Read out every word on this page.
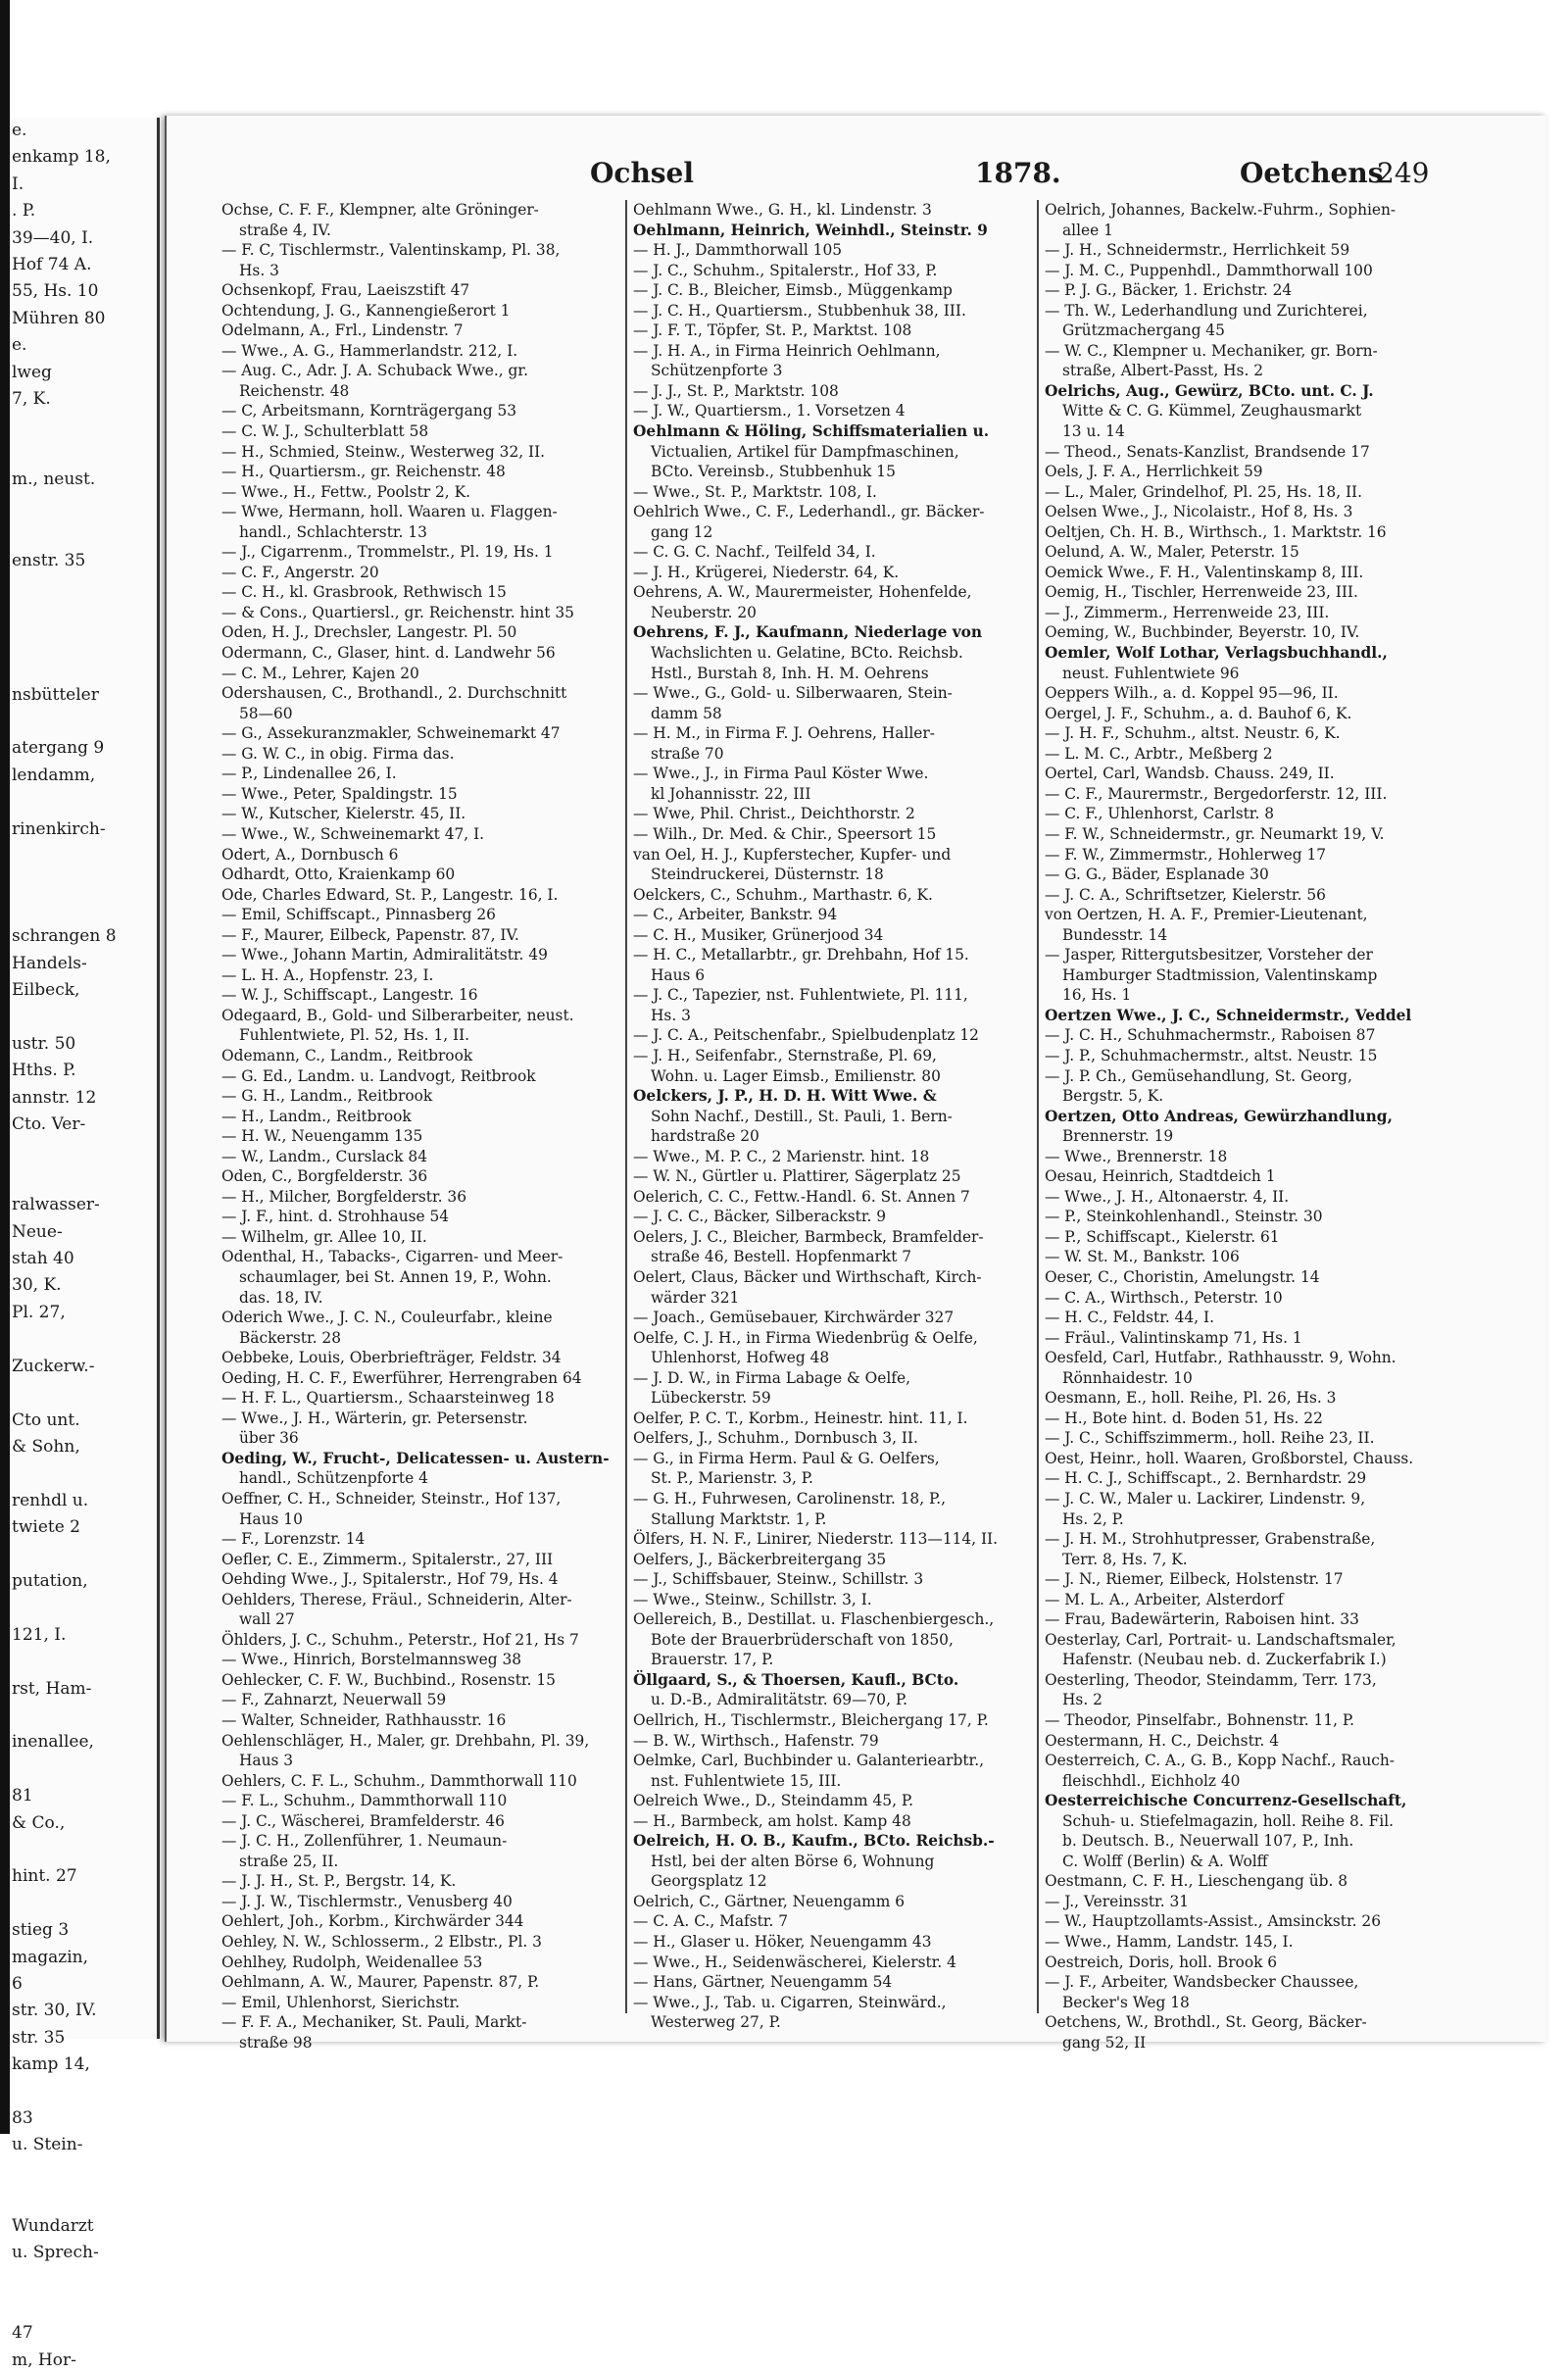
e.
enkamp 18,
I.
. P.
39—40, I.
Hof 74 A.
55, Hs. 10
Mühren 80
e.
lweg
7, K.

m., neust.

enstr. 35

nsbütteler

atergang 9
lendamm,

rinenkirch-

schrangen 8
Handels-
Eilbeck,

ustr. 50
Hths. P.
annstr. 12
Cto. Ver-

ralwasser-
Neue-
stah 40
30, K.
Pl. 27,

Zuckerw.-

Cto unt.
& Sohn,

renhdl u.
twiete 2

putation,

121, I.

rst, Ham-

inenallee,

81
& Co.,

hint. 27

stieg 3
magazin,
6
str. 30, IV.
str. 35
kamp 14,

83
u. Stein-

Wundarzt
u. Sprech-

47
m, Hor-
Ochsel	1878.	Oetchens
249
Ochse, C. F. F., Klempner, alte Gröninger-
straße 4, IV.
— F. C, Tischlermstr., Valentinskamp, Pl. 38,
Hs. 3
Ochsenkopf, Frau, Laeiszstift 47
Ochtendung, J. G., Kannengießerort 1
Odelmann, A., Frl., Lindenstr. 7
— Wwe., A. G., Hammerlandstr. 212, I.
— Aug. C., Adr. J. A. Schuback Wwe., gr.
Reichenstr. 48
— C, Arbeitsmann, Kornträgergang 53
— C. W. J., Schulterblatt 58
— H., Schmied, Steinw., Westerweg 32, II.
— H., Quartiersm., gr. Reichenstr. 48
— Wwe., H., Fettw., Poolstr 2, K.
— Wwe, Hermann, holl. Waaren u. Flaggen-
handl., Schlachterstr. 13
— J., Cigarrenm., Trommelstr., Pl. 19, Hs. 1
— C. F., Angerstr. 20
— C. H., kl. Grasbrook, Rethwisch 15
— & Cons., Quartiersl., gr. Reichenstr. hint 35
Oden, H. J., Drechsler, Langestr. Pl. 50
Odermann, C., Glaser, hint. d. Landwehr 56
— C. M., Lehrer, Kajen 20
Odershausen, C., Brothandl., 2. Durchschnitt
58—60
— G., Assekuranzmakler, Schweinemarkt 47
— G. W. C., in obig. Firma das.
— P., Lindenallee 26, I.
— Wwe., Peter, Spaldingstr. 15
— W., Kutscher, Kielerstr. 45, II.
— Wwe., W., Schweinemarkt 47, I.
Odert, A., Dornbusch 6
Odhardt, Otto, Kraienkamp 60
Ode, Charles Edward, St. P., Langestr. 16, I.
— Emil, Schiffscapt., Pinnasberg 26
— F., Maurer, Eilbeck, Papenstr. 87, IV.
— Wwe., Johann Martin, Admiralitätstr. 49
— L. H. A., Hopfenstr. 23, I.
— W. J., Schiffscapt., Langestr. 16
Odegaard, B., Gold- und Silberarbeiter, neust.
Fuhlentwiete, Pl. 52, Hs. 1, II.
Odemann, C., Landm., Reitbrook
— G. Ed., Landm. u. Landvogt, Reitbrook
— G. H., Landm., Reitbrook
— H., Landm., Reitbrook
— H. W., Neuengamm 135
— W., Landm., Curslack 84
Oden, C., Borgfelderstr. 36
— H., Milcher, Borgfelderstr. 36
— J. F., hint. d. Strohhause 54
— Wilhelm, gr. Allee 10, II.
Odenthal, H., Tabacks-, Cigarren- und Meer-
schaumlager, bei St. Annen 19, P., Wohn.
das. 18, IV.
Oderich Wwe., J. C. N., Couleurfabr., kleine
Bäckerstr. 28
Oebbeke, Louis, Oberbriefträger, Feldstr. 34
Oeding, H. C. F., Ewerführer, Herrengraben 64
— H. F. L., Quartiersm., Schaarsteinweg 18
— Wwe., J. H., Wärterin, gr. Petersenstr.
über 36
Oeding, W., Frucht-, Delicatessen- u. Austern-
handl., Schützenpforte 4
Oeffner, C. H., Schneider, Steinstr., Hof 137,
Haus 10
— F., Lorenzstr. 14
Oefler, C. E., Zimmerm., Spitalerstr., 27, III
Oehding Wwe., J., Spitalerstr., Hof 79, Hs. 4
Oehlders, Therese, Fräul., Schneiderin, Alter-
wall 27
Öhlders, J. C., Schuhm., Peterstr., Hof 21, Hs 7
— Wwe., Hinrich, Borstelmannsweg 38
Oehlecker, C. F. W., Buchbind., Rosenstr. 15
— F., Zahnarzt, Neuerwall 59
— Walter, Schneider, Rathhausstr. 16
Oehlenschläger, H., Maler, gr. Drehbahn, Pl. 39,
Haus 3
Oehlers, C. F. L., Schuhm., Dammthorwall 110
— F. L., Schuhm., Dammthorwall 110
— J. C., Wäscherei, Bramfelderstr. 46
— J. C. H., Zollenführer, 1. Neumaun-
straße 25, II.
— J. J. H., St. P., Bergstr. 14, K.
— J. J. W., Tischlermstr., Venusberg 40
Oehlert, Joh., Korbm., Kirchwärder 344
Oehley, N. W., Schlosserm., 2 Elbstr., Pl. 3
Oehlhey, Rudolph, Weidenallee 53
Oehlmann, A. W., Maurer, Papenstr. 87, P.
— Emil, Uhlenhorst, Sierichstr.
— F. F. A., Mechaniker, St. Pauli, Markt-
straße 98
Oehlmann Wwe., G. H., kl. Lindenstr. 3
Oehlmann, Heinrich, Weinhdl., Steinstr. 9
— H. J., Dammthorwall 105
— J. C., Schuhm., Spitalerstr., Hof 33, P.
— J. C. B., Bleicher, Eimsb., Müggenkamp
— J. C. H., Quartiersm., Stubbenhuk 38, III.
— J. F. T., Töpfer, St. P., Marktst. 108
— J. H. A., in Firma Heinrich Oehlmann,
Schützenpforte 3
— J. J., St. P., Marktstr. 108
— J. W., Quartiersm., 1. Vorsetzen 4
Oehlmann & Höling, Schiffsmaterialien u.
Victualien, Artikel für Dampfmaschinen,
BCto. Vereinsb., Stubbenhuk 15
— Wwe., St. P., Marktstr. 108, I.
Oehlrich Wwe., C. F., Lederhandl., gr. Bäcker-
gang 12
— C. G. C. Nachf., Teilfeld 34, I.
— J. H., Krügerei, Niederstr. 64, K.
Oehrens, A. W., Maurermeister, Hohenfelde,
Neuberstr. 20
Oehrens, F. J., Kaufmann, Niederlage von
Wachslichten u. Gelatine, BCto. Reichsb.
Hstl., Burstah 8, Inh. H. M. Oehrens
— Wwe., G., Gold- u. Silberwaaren, Stein-
damm 58
— H. M., in Firma F. J. Oehrens, Haller-
straße 70
— Wwe., J., in Firma Paul Köster Wwe.
kl Johannisstr. 22, III
— Wwe, Phil. Christ., Deichthorstr. 2
— Wilh., Dr. Med. & Chir., Speersort 15
van Oel, H. J., Kupferstecher, Kupfer- und
Steindruckerei, Düsternstr. 18
Oelckers, C., Schuhm., Marthastr. 6, K.
— C., Arbeiter, Bankstr. 94
— C. H., Musiker, Grünerjood 34
— H. C., Metallarbtr., gr. Drehbahn, Hof 15.
Haus 6
— J. C., Tapezier, nst. Fuhlentwiete, Pl. 111,
Hs. 3
— J. C. A., Peitschenfabr., Spielbudenplatz 12
— J. H., Seifenfabr., Sternstraße, Pl. 69,
Wohn. u. Lager Eimsb., Emilienstr. 80
Oelckers, J. P., H. D. H. Witt Wwe. &
Sohn Nachf., Destill., St. Pauli, 1. Bern-
hardstraße 20
— Wwe., M. P. C., 2 Marienstr. hint. 18
— W. N., Gürtler u. Plattirer, Sägerplatz 25
Oelerich, C. C., Fettw.-Handl. 6. St. Annen 7
— J. C. C., Bäcker, Silberackstr. 9
Oelers, J. C., Bleicher, Barmbeck, Bramfelder-
straße 46, Bestell. Hopfenmarkt 7
Oelert, Claus, Bäcker und Wirthschaft, Kirch-
wärder 321
— Joach., Gemüsebauer, Kirchwärder 327
Oelfe, C. J. H., in Firma Wiedenbrüg & Oelfe,
Uhlenhorst, Hofweg 48
— J. D. W., in Firma Labage & Oelfe,
Lübeckerstr. 59
Oelfer, P. C. T., Korbm., Heinestr. hint. 11, I.
Oelfers, J., Schuhm., Dornbusch 3, II.
— G., in Firma Herm. Paul & G. Oelfers,
St. P., Marienstr. 3, P.
— G. H., Fuhrwesen, Carolinenstr. 18, P.,
Stallung Marktstr. 1, P.
Ölfers, H. N. F., Linirer, Niederstr. 113—114, II.
Oelfers, J., Bäckerbreitergang 35
— J., Schiffsbauer, Steinw., Schillstr. 3
— Wwe., Steinw., Schillstr. 3, I.
Oellereich, B., Destillat. u. Flaschenbiergesch.,
Bote der Brauerbrüderschaft von 1850,
Brauerstr. 17, P.
Öllgaard, S., & Thoersen, Kaufl., BCto.
u. D.-B., Admiralitätstr. 69—70, P.
Oellrich, H., Tischlermstr., Bleichergang 17, P.
— B. W., Wirthsch., Hafenstr. 79
Oelmke, Carl, Buchbinder u. Galanteriearbtr.,
nst. Fuhlentwiete 15, III.
Oelreich Wwe., D., Steindamm 45, P.
— H., Barmbeck, am holst. Kamp 48
Oelreich, H. O. B., Kaufm., BCto. Reichsb.-
Hstl, bei der alten Börse 6, Wohnung
Georgsplatz 12
Oelrich, C., Gärtner, Neuengamm 6
— C. A. C., Mafstr. 7
— H., Glaser u. Höker, Neuengamm 43
— Wwe., H., Seidenwäscherei, Kielerstr. 4
— Hans, Gärtner, Neuengamm 54
— Wwe., J., Tab. u. Cigarren, Steinwärd.,
Westerweg 27, P.
Oelrich, Johannes, Backelw.-Fuhrm., Sophien-
allee 1
— J. H., Schneidermstr., Herrlichkeit 59
— J. M. C., Puppenhdl., Dammthorwall 100
— P. J. G., Bäcker, 1. Erichstr. 24
— Th. W., Lederhandlung und Zurichterei,
Grützmachergang 45
— W. C., Klempner u. Mechaniker, gr. Born-
straße, Albert-Passt, Hs. 2
Oelrichs, Aug., Gewürz, BCto. unt. C. J.
Witte & C. G. Kümmel, Zeughausmarkt
13 u. 14
— Theod., Senats-Kanzlist, Brandsende 17
Oels, J. F. A., Herrlichkeit 59
— L., Maler, Grindelhof, Pl. 25, Hs. 18, II.
Oelsen Wwe., J., Nicolaistr., Hof 8, Hs. 3
Oeltjen, Ch. H. B., Wirthsch., 1. Marktstr. 16
Oelund, A. W., Maler, Peterstr. 15
Oemick Wwe., F. H., Valentinskamp 8, III.
Oemig, H., Tischler, Herrenweide 23, III.
— J., Zimmerm., Herrenweide 23, III.
Oeming, W., Buchbinder, Beyerstr. 10, IV.
Oemler, Wolf Lothar, Verlagsbuchhandl.,
neust. Fuhlentwiete 96
Oeppers Wilh., a. d. Koppel 95—96, II.
Oergel, J. F., Schuhm., a. d. Bauhof 6, K.
— J. H. F., Schuhm., altst. Neustr. 6, K.
— L. M. C., Arbtr., Meßberg 2
Oertel, Carl, Wandsb. Chauss. 249, II.
— C. F., Maurermstr., Bergedorferstr. 12, III.
— C. F., Uhlenhorst, Carlstr. 8
— F. W., Schneidermstr., gr. Neumarkt 19, V.
— F. W., Zimmermstr., Hohlerweg 17
— G. G., Bäder, Esplanade 30
— J. C. A., Schriftsetzer, Kielerstr. 56
von Oertzen, H. A. F., Premier-Lieutenant,
Bundesstr. 14
— Jasper, Rittergutsbesitzer, Vorsteher der
Hamburger Stadtmission, Valentinskamp
16, Hs. 1
Oertzen Wwe., J. C., Schneidermstr., Veddel
— J. C. H., Schuhmachermstr., Raboisen 87
— J. P., Schuhmachermstr., altst. Neustr. 15
— J. P. Ch., Gemüsehandlung, St. Georg,
Bergstr. 5, K.
Oertzen, Otto Andreas, Gewürzhandlung,
Brennerstr. 19
— Wwe., Brennerstr. 18
Oesau, Heinrich, Stadtdeich 1
— Wwe., J. H., Altonaerstr. 4, II.
— P., Steinkohlenhandl., Steinstr. 30
— P., Schiffscapt., Kielerstr. 61
— W. St. M., Bankstr. 106
Oeser, C., Choristin, Amelungstr. 14
— C. A., Wirthsch., Peterstr. 10
— H. C., Feldstr. 44, I.
— Fräul., Valintinskamp 71, Hs. 1
Oesfeld, Carl, Hutfabr., Rathhausstr. 9, Wohn.
Rönnhaidestr. 10
Oesmann, E., holl. Reihe, Pl. 26, Hs. 3
— H., Bote hint. d. Boden 51, Hs. 22
— J. C., Schiffszimmerm., holl. Reihe 23, II.
Oest, Heinr., holl. Waaren, Großborstel, Chauss.
— H. C. J., Schiffscapt., 2. Bernhardstr. 29
— J. C. W., Maler u. Lackirer, Lindenstr. 9,
Hs. 2, P.
— J. H. M., Strohhutpresser, Grabenstraße,
Terr. 8, Hs. 7, K.
— J. N., Riemer, Eilbeck, Holstenstr. 17
— M. L. A., Arbeiter, Alsterdorf
— Frau, Badewärterin, Raboisen hint. 33
Oesterlay, Carl, Portrait- u. Landschaftsmaler,
Hafenstr. (Neubau neb. d. Zuckerfabrik I.)
Oesterling, Theodor, Steindamm, Terr. 173,
Hs. 2
— Theodor, Pinselfabr., Bohnenstr. 11, P.
Oestermann, H. C., Deichstr. 4
Oesterreich, C. A., G. B., Kopp Nachf., Rauch-
fleischhdl., Eichholz 40
Oesterreichische Concurrenz-Gesellschaft,
Schuh- u. Stiefelmagazin, holl. Reihe 8. Fil.
b. Deutsch. B., Neuerwall 107, P., Inh.
C. Wolff (Berlin) & A. Wolff
Oestmann, C. F. H., Lieschengang üb. 8
— J., Vereinsstr. 31
— W., Hauptzollamts-Assist., Amsinckstr. 26
— Wwe., Hamm, Landstr. 145, I.
Oestreich, Doris, holl. Brook 6
— J. F., Arbeiter, Wandsbecker Chaussee,
Becker's Weg 18
Oetchens, W., Brothdl., St. Georg, Bäcker-
gang 52, II
